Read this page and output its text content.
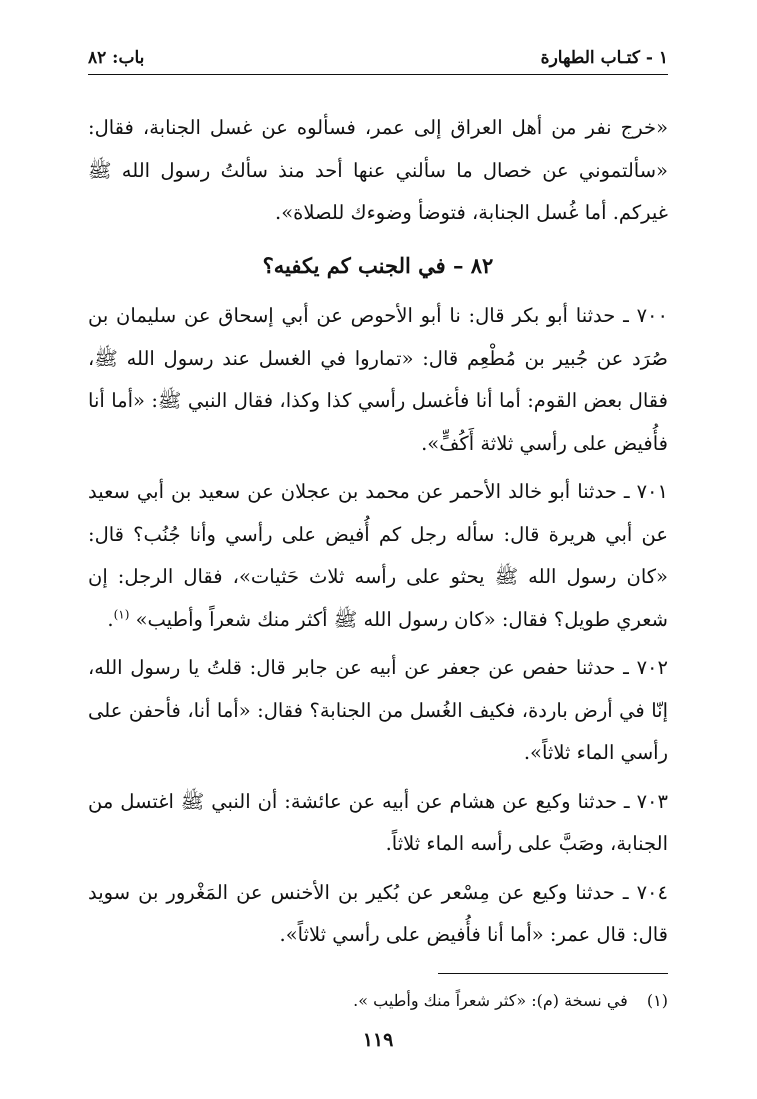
١ - كتـاب الطهارة
باب: ٨٢

«خرج نفر من أهل العراق إلى عمر، فسألوه عن غسل الجنابة، فقال: «سألتموني عن خصال ما سألني عنها أحد منذ سألتُ رسول الله ﷺ غيركم. أما غُسل الجنابة، فتوضأ وضوءك للصلاة».

٨٢ – في الجنب كم يكفيه؟

٧٠٠ ـ حدثنا أبو بكر قال: نا أبو الأحوص عن أبي إسحاق عن سليمان بن صُرَد عن جُبير بن مُطْعِم قال: «تماروا في الغسل عند رسول الله ﷺ، فقال بعض القوم: أما أنا فأغسل رأسي كذا وكذا، فقال النبي ﷺ: «أما أنا فأُفيض على رأسي ثلاثة أَكُفٍّ».

٧٠١ ـ حدثنا أبو خالد الأحمر عن محمد بن عجلان عن سعيد بن أبي سعيد عن أبي هريرة قال: سأله رجل كم أُفيض على رأسي وأنا جُنُب؟ قال: «كان رسول الله ﷺ يحثو على رأسه ثلاث حَثيات»، فقال الرجل: إن شعري طويل؟ فقال: «كان رسول الله ﷺ أكثر منك شعراً وأطيب» $^{(١)}$.

٧٠٢ ـ حدثنا حفص عن جعفر عن أبيه عن جابر قال: قلتُ يا رسول الله، إنّا في أرض باردة، فكيف الغُسل من الجنابة؟ فقال: «أما أنا، فأحفن على رأسي الماء ثلاثاً».

٧٠٣ ـ حدثنا وكيع عن هشام عن أبيه عن عائشة: أن النبي ﷺ اغتسل من الجنابة، وصَبَّ على رأسه الماء ثلاثاً.

٧٠٤ ـ حدثنا وكيع عن مِسْعر عن بُكير بن الأخنس عن المَغْرور بن سويد قال: قال عمر: «أما أنا فأُفيض على رأسي ثلاثاً».

(١) في نسخة (م): «كثر شعراً منك وأطيب ».
١١٩
